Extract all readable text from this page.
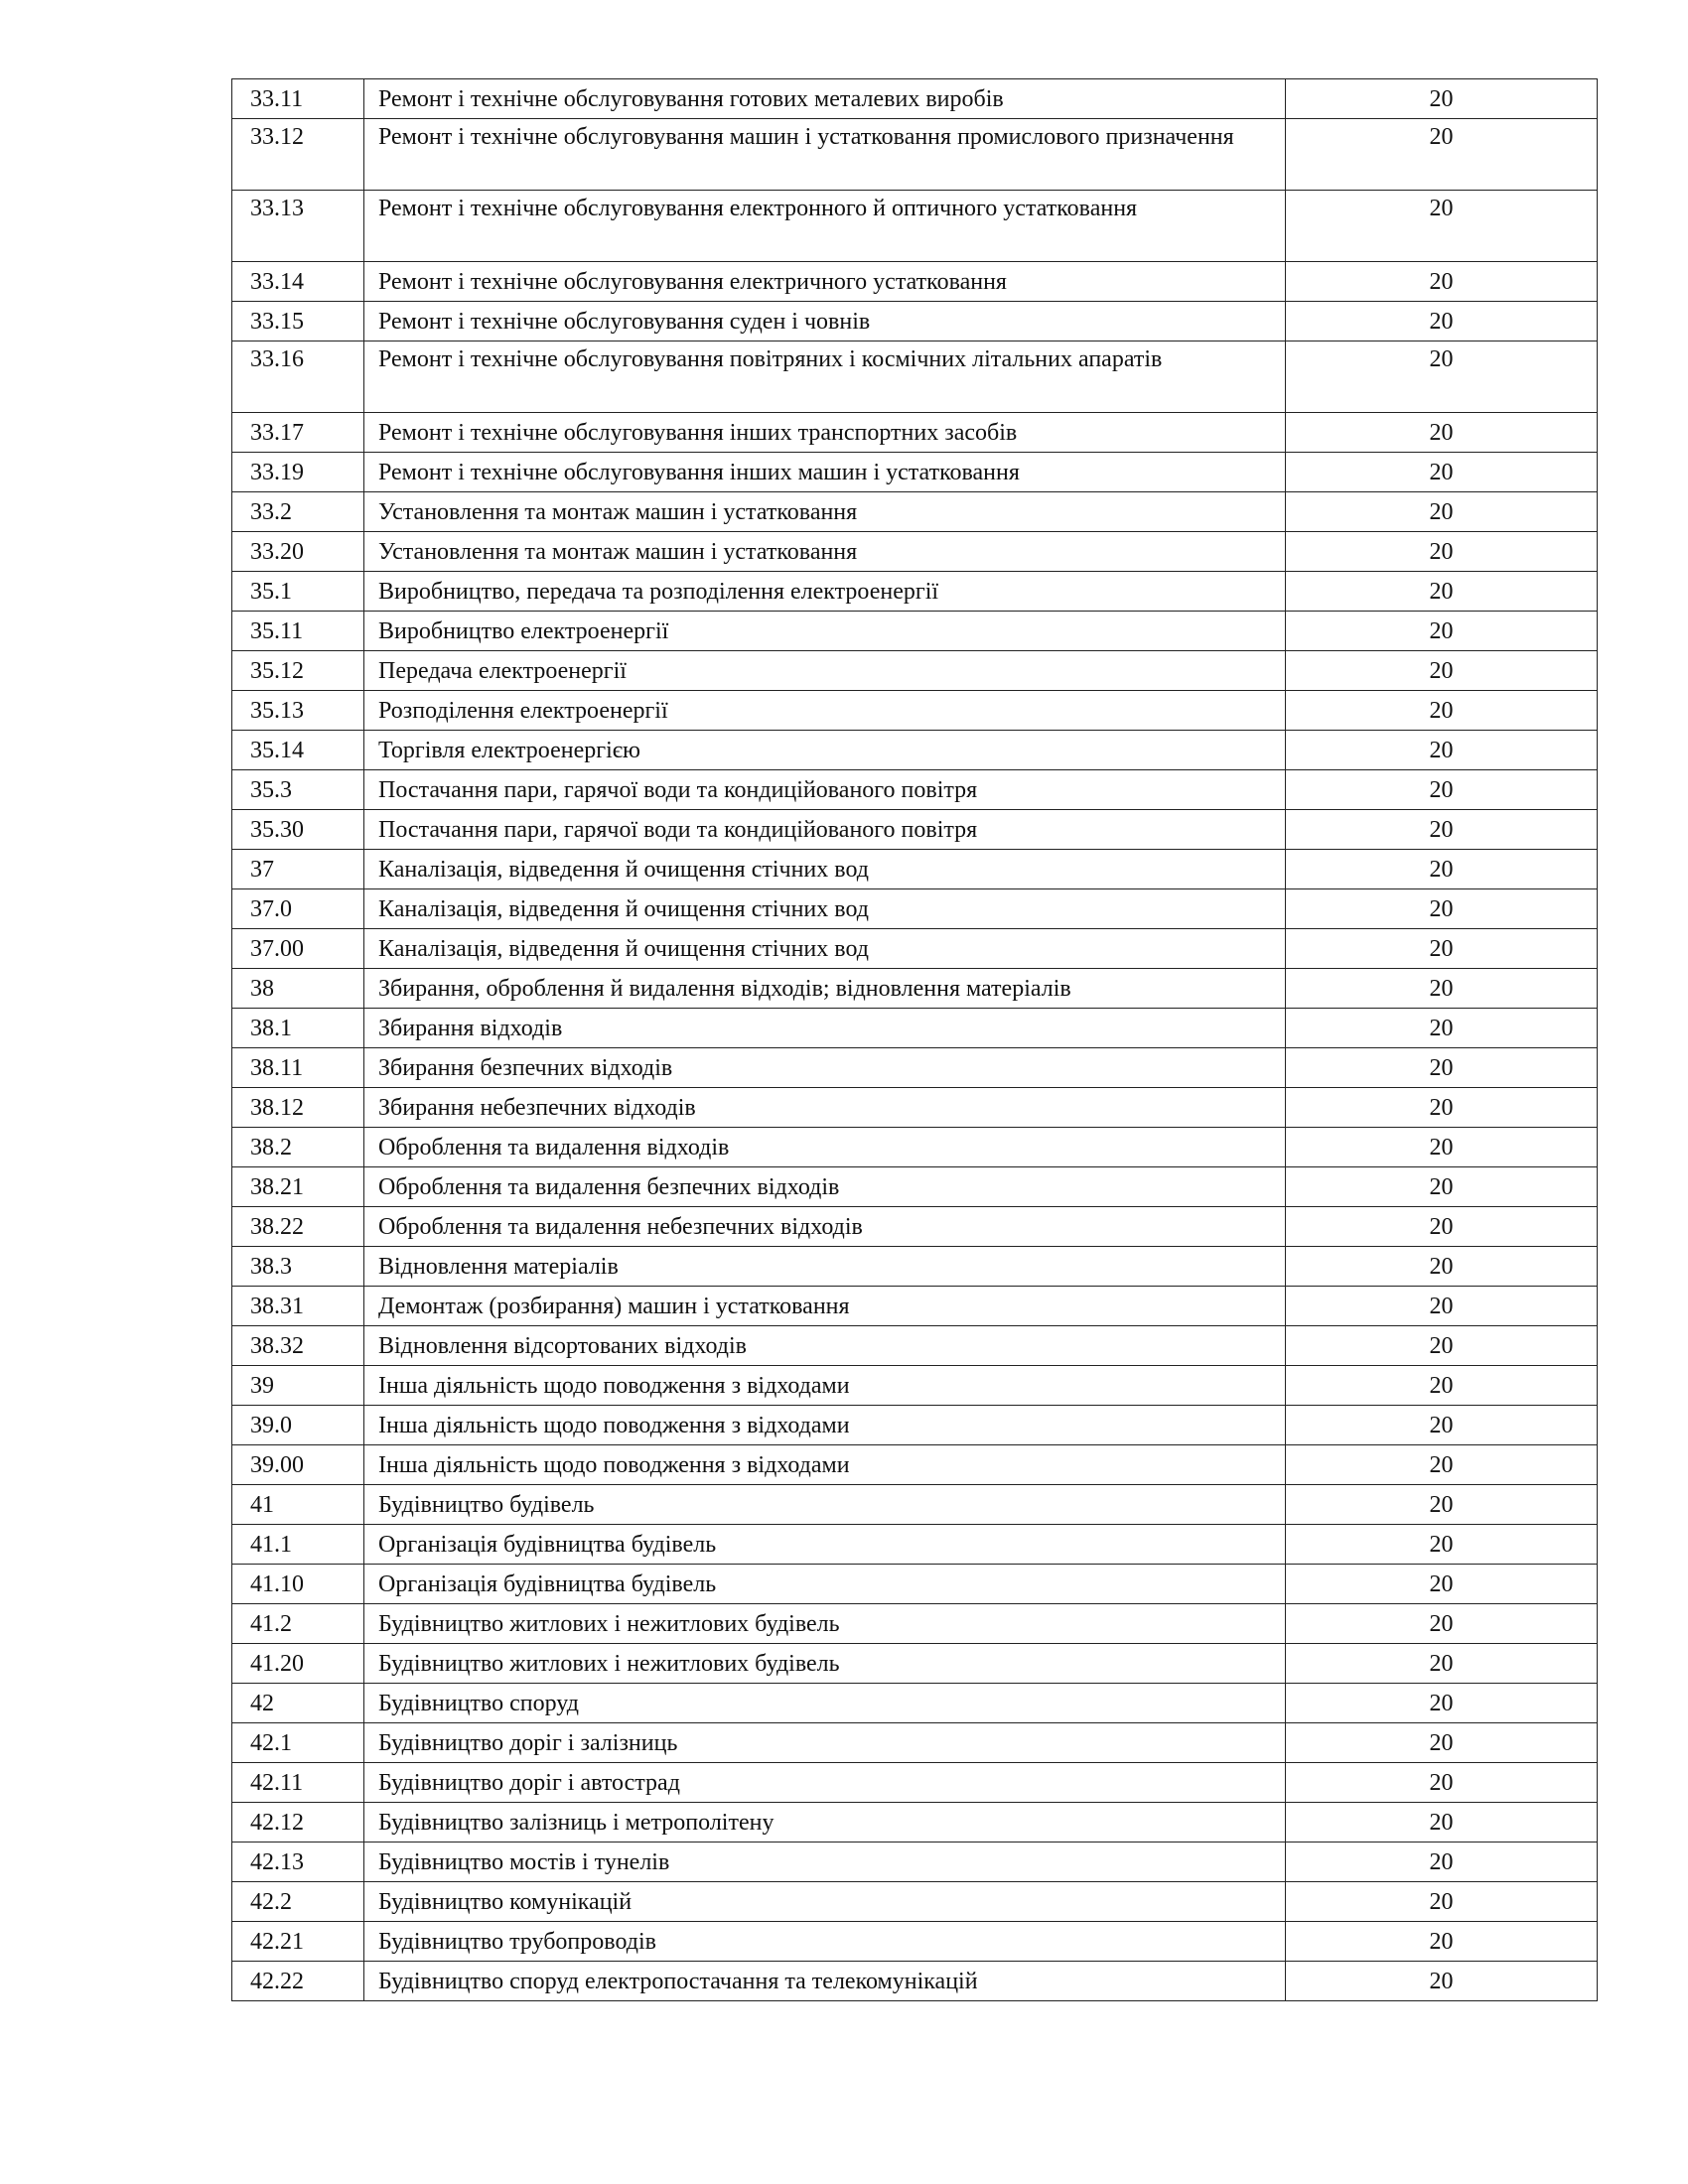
33.11	Ремонт і технічне обслуговування готових металевих виробів	20
33.12	Ремонт і технічне обслуговування машин і устатковання промислового призначення	20
33.13	Ремонт і технічне обслуговування електронного й оптичного устатковання	20
33.14	Ремонт і технічне обслуговування електричного устатковання	20
33.15	Ремонт і технічне обслуговування суден і човнів	20
33.16	Ремонт і технічне обслуговування повітряних і космічних літальних апаратів	20
33.17	Ремонт і технічне обслуговування інших транспортних засобів	20
33.19	Ремонт і технічне обслуговування інших машин і устатковання	20
33.2	Установлення та монтаж машин і устатковання	20
33.20	Установлення та монтаж машин і устатковання	20
35.1	Виробництво, передача та розподілення електроенергії	20
35.11	Виробництво електроенергії	20
35.12	Передача електроенергії	20
35.13	Розподілення електроенергії	20
35.14	Торгівля електроенергією	20
35.3	Постачання пари, гарячої води та кондиційованого повітря	20
35.30	Постачання пари, гарячої води та кондиційованого повітря	20
37	Каналізація, відведення й очищення стічних вод	20
37.0	Каналізація, відведення й очищення стічних вод	20
37.00	Каналізація, відведення й очищення стічних вод	20
38	Збирання, оброблення й видалення відходів; відновлення матеріалів	20
38.1	Збирання відходів	20
38.11	Збирання безпечних відходів	20
38.12	Збирання небезпечних відходів	20
38.2	Оброблення та видалення відходів	20
38.21	Оброблення та видалення безпечних відходів	20
38.22	Оброблення та видалення небезпечних відходів	20
38.3	Відновлення матеріалів	20
38.31	Демонтаж (розбирання) машин і устатковання	20
38.32	Відновлення відсортованих відходів	20
39	Інша діяльність щодо поводження з відходами	20
39.0	Інша діяльність щодо поводження з відходами	20
39.00	Інша діяльність щодо поводження з відходами	20
41	Будівництво будівель	20
41.1	Організація будівництва будівель	20
41.10	Організація будівництва будівель	20
41.2	Будівництво житлових і нежитлових будівель	20
41.20	Будівництво житлових і нежитлових будівель	20
42	Будівництво споруд	20
42.1	Будівництво доріг і залізниць	20
42.11	Будівництво доріг і автострад	20
42.12	Будівництво залізниць і метрополітену	20
42.13	Будівництво мостів і тунелів	20
42.2	Будівництво комунікацій	20
42.21	Будівництво трубопроводів	20
42.22	Будівництво споруд електропостачання та телекомунікацій	20
